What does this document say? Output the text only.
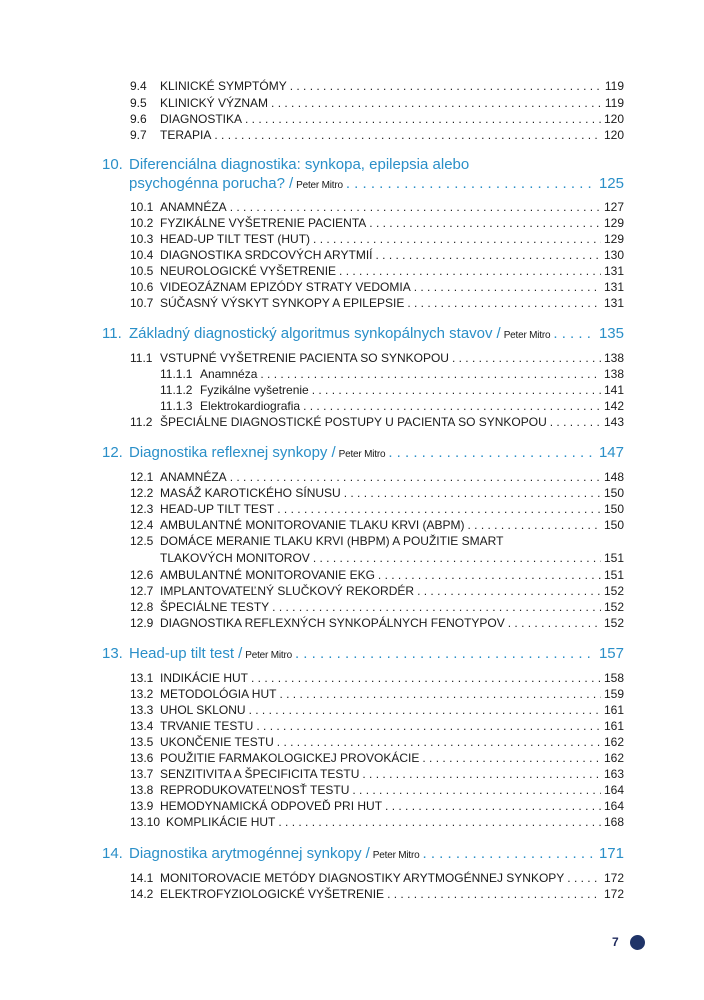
9.4	KLINICKÉ SYMPTÓMY . . .	119
9.5	KLINICKÝ VÝZNAM . . .	119
9.6	DIAGNOSTIKA . . .	120
9.7	TERAPIA . . .	120
10. Diferenciálna diagnostika: synkopa, epilepsia alebo
psychogénna porucha? / Peter Mitro . . .	125
10.1 ANAMNÉZA . . .	127
10.2 FYZIKÁLNE VYŠETRENIE PACIENTA . . .	129
10.3 HEAD-UP TILT TEST (HUT) . . .	129
10.4 DIAGNOSTIKA SRDCOVÝCH ARYTMIÍ . . .	130
10.5 NEUROLOGICKÉ VYŠETRENIE . . .	131
10.6 VIDEOZÁZNAM EPIZÓDY STRATY VEDOMIA . . .	131
10.7 SÚČASNÝ VÝSKYT SYNKOPY A EPILEPSIE . . .	131
11. Základný diagnostický algoritmus synkopálnych stavov / Peter Mitro . . .	135
11.1 VSTUPNÉ VYŠETRENIE PACIENTA SO SYNKOPOU . . .	138
11.1.1 Anamnéza . . .	138
11.1.2 Fyzikálne vyšetrenie . . .	141
11.1.3 Elektrokardiografia . . .	142
11.2 ŠPECIÁLNE DIAGNOSTICKÉ POSTUPY U PACIENTA SO SYNKOPOU . . .	143
12. Diagnostika reflexnej synkopy / Peter Mitro . . .	147
12.1 ANAMNÉZA . . .	148
12.2 MASÁŽ KAROTICKÉHO SÍNUSU . . .	150
12.3 HEAD-UP TILT TEST . . .	150
12.4 AMBULANTNÉ MONITOROVANIE TLAKU KRVI (ABPM) . . .	150
12.5 DOMÁCE MERANIE TLAKU KRVI (HBPM) A POUŽITIE SMART
TLAKOVÝCH MONITOROV . . .	151
12.6 AMBULANTNÉ MONITOROVANIE EKG . . .	151
12.7 IMPLANTOVATEĽNÝ SLUČKOVÝ REKORDÉR . . .	152
12.8 ŠPECIÁLNE TESTY . . .	152
12.9 DIAGNOSTIKA REFLEXNÝCH SYNKOPÁLNYCH FENOTYPOV . . .	152
13. Head-up tilt test / Peter Mitro . . .	157
13.1 INDIKÁCIE HUT . . .	158
13.2 METODOLÓGIA HUT . . .	159
13.3 UHOL SKLONU . . .	161
13.4 TRVANIE TESTU . . .	161
13.5 UKONČENIE TESTU . . .	162
13.6 POUŽITIE FARMAKOLOGICKEJ PROVOKÁCIE . . .	162
13.7 SENZITIVITA A ŠPECIFICITA TESTU . . .	163
13.8 REPRODUKOVATEĽNOSŤ TESTU . . .	164
13.9 HEMODYNAMICKÁ ODPOVEĎ PRI HUT . . .	164
13.10 KOMPLIKÁCIE HUT . . .	168
14. Diagnostika arytmogénnej synkopy / Peter Mitro . . .	171
14.1 MONITOROVACIE METÓDY DIAGNOSTIKY ARYTMOGÉNNEJ SYNKOPY . . .	172
14.2 ELEKTROFYZIOLOGICKÉ VYŠETRENIE . . .	172
7
